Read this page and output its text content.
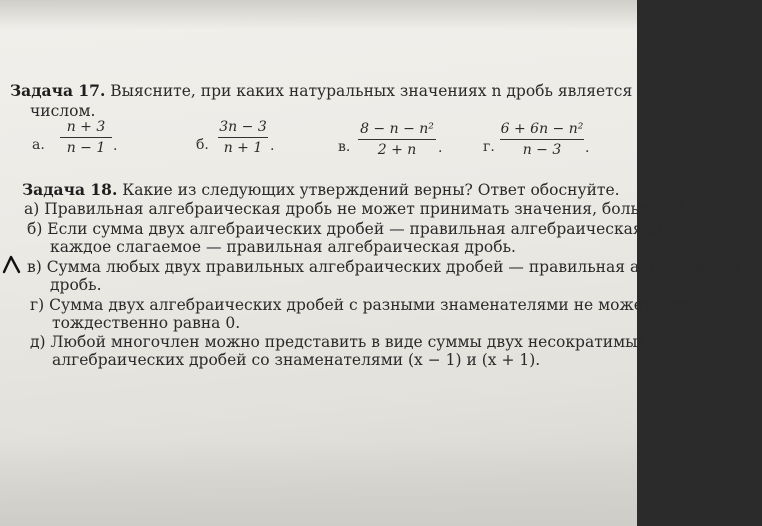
Задача 17. Выясните, при каких натуральных значениях n дробь является натуральным
числом.
а.
n + 3
n − 1 .	б.
3n − 3
n + 1 .	в.
8 − n − n²
2 + n	.	г.
6 + 6n − n²
n − 3	.
Задача 18. Какие из следующих утверждений верны? Ответ обоснуйте.
а) Правильная алгебраическая дробь не может принимать значения, большие 1.
б) Если сумма двух алгебраических дробей — правильная алгебраическая дробь, то и
каждое слагаемое — правильная алгебраическая дробь.
в) Сумма любых двух правильных алгебраических дробей — правильная алгебраическая
дробь.
г) Сумма двух алгебраических дробей с разными знаменателями не может быть
тождественно равна 0.
д) Любой многочлен можно представить в виде суммы двух несократимых
алгебраических дробей со знаменателями (x − 1) и (x + 1).
